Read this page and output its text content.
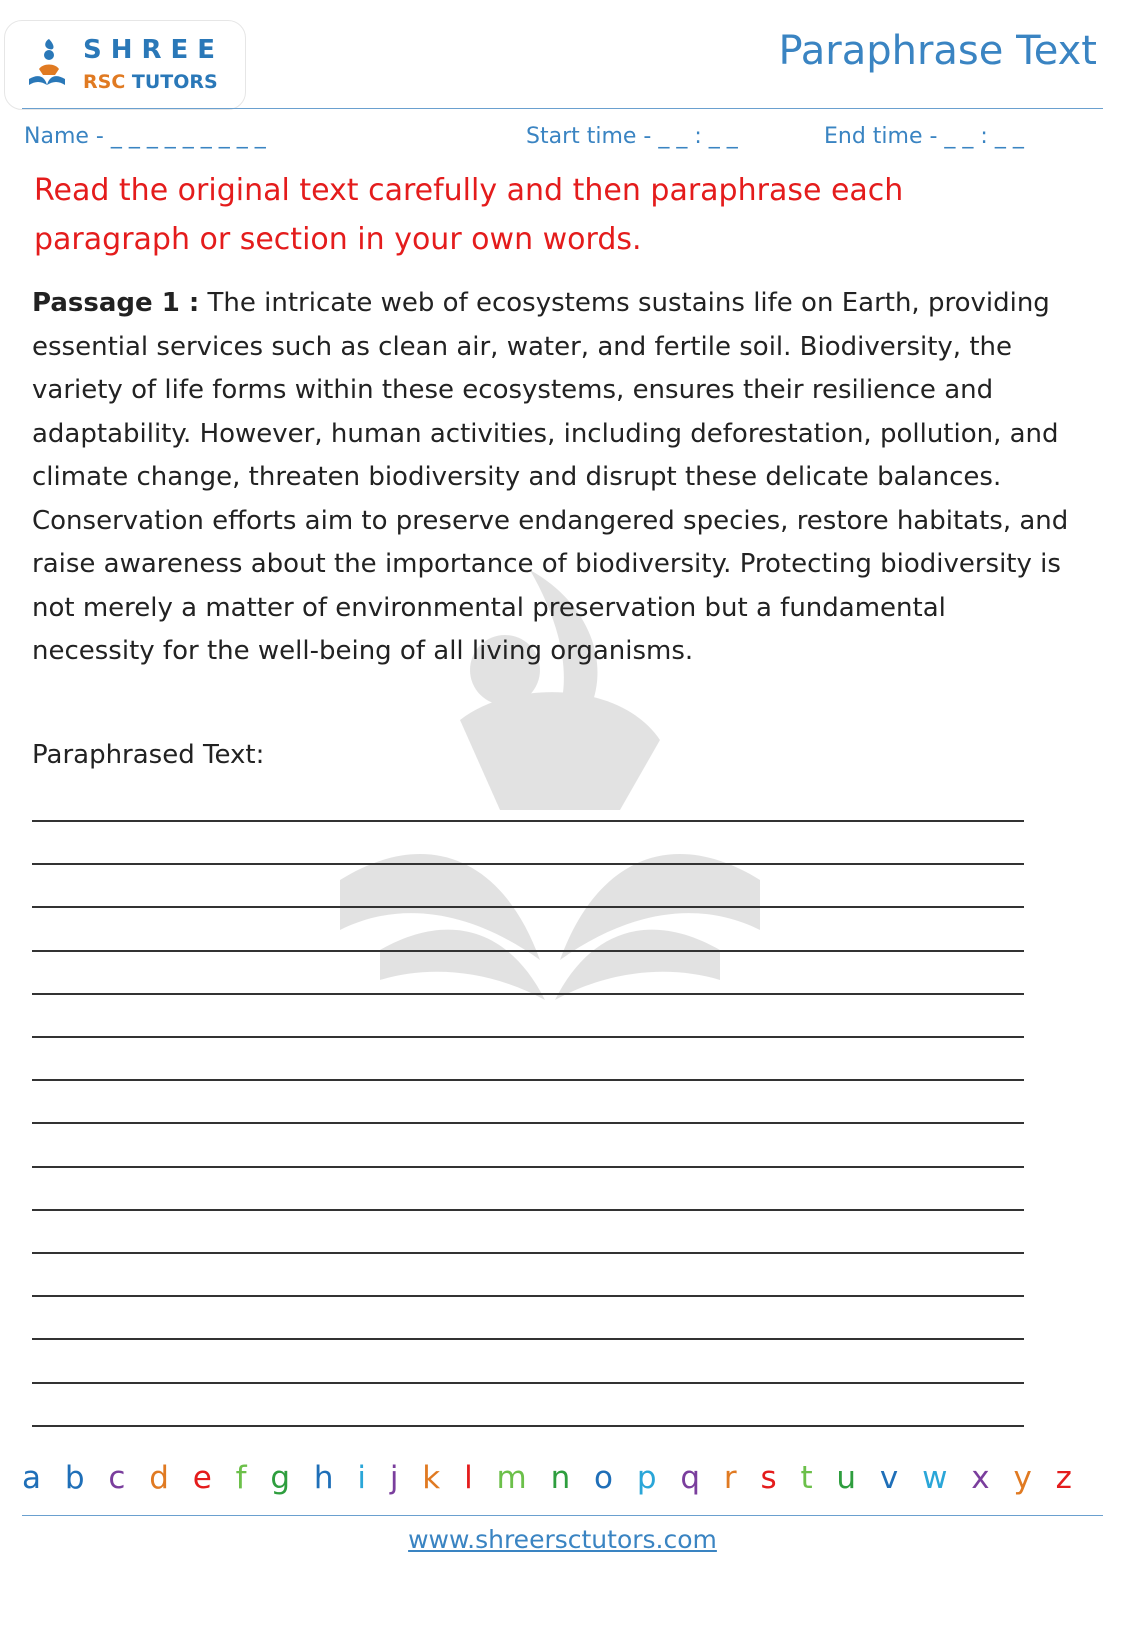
SHREE
RSC TUTORS
Paraphrase Text
Name - _ _ _ _ _ _ _ _ _	Start time - _ _ : _ _	End time - _ _ : _ _
Read the original text carefully and then paraphrase each paragraph or section in your own words.
Passage 1 : The intricate web of ecosystems sustains life on Earth, providing essential services such as clean air, water, and fertile soil. Biodiversity, the variety of life forms within these ecosystems, ensures their resilience and adaptability. However, human activities, including deforestation, pollution, and climate change, threaten biodiversity and disrupt these delicate balances. Conservation efforts aim to preserve endangered species, restore habitats, and raise awareness about the importance of biodiversity. Protecting biodiversity is not merely a matter of environmental preservation but a fundamental necessity for the well-being of all living organisms.
Paraphrased Text:
a b c d e f g h i j k l m n o p q r s t u v w x y z
www.shreersctutors.com
